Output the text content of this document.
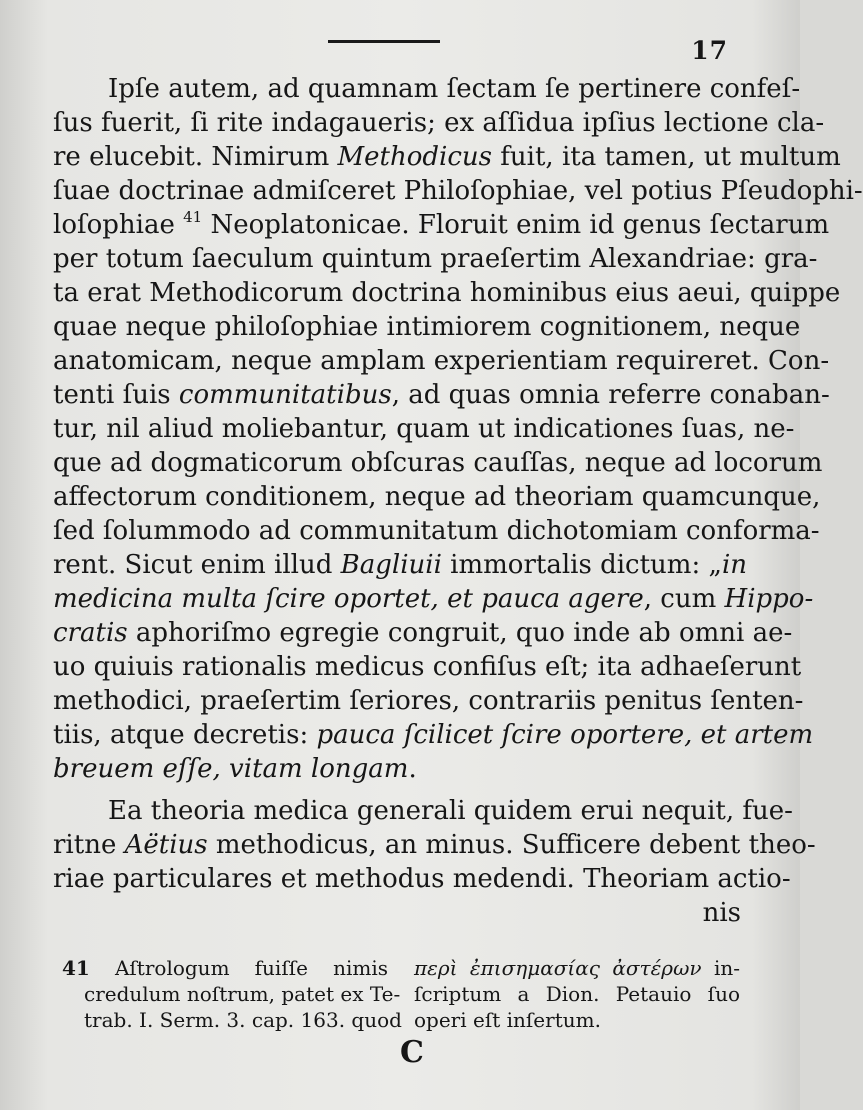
17
Ipſe autem, ad quamnam ſectam ſe pertinere confeſ-
ſus fuerit, ſi rite indagaueris; ex aſſidua ipſius lectione cla-
re elucebit. Nimirum Methodicus fuit, ita tamen, ut multum
ſuae doctrinae admiſceret Philoſophiae, vel potius Pſeudophi-
loſophiae $^{41}$ Neoplatonicae. Floruit enim id genus ſectarum
per totum ſaeculum quintum praeſertim Alexandriae: gra-
ta erat Methodicorum doctrina hominibus eius aeui, quippe
quae neque philoſophiae intimiorem cognitionem, neque
anatomicam, neque amplam experientiam requireret. Con-
tenti ſuis communitatibus, ad quas omnia referre conaban-
tur, nil aliud moliebantur, quam ut indicationes ſuas, ne-
que ad dogmaticorum obſcuras cauſſas, neque ad locorum
affectorum conditionem, neque ad theoriam quamcunque,
ſed ſolummodo ad communitatum dichotomiam conforma-
rent. Sicut enim illud Bagliuii immortalis dictum: „in
medicina multa ſcire oportet, et pauca agere, cum Hippo-
cratis aphoriſmo egregie congruit, quo inde ab omni ae-
uo quiuis rationalis medicus confiſus eſt; ita adhaeſerunt
methodici, praeſertim ſeriores, contrariis penitus ſenten-
tiis, atque decretis: pauca ſcilicet ſcire oportere, et artem
breuem eſſe, vitam longam.
Ea theoria medica generali quidem erui nequit, fue-
ritne Aëtius methodicus, an minus. Sufficere debent theo-
riae particulares et methodus medendi. Theoriam actio-
nis
41 Aſtrologum fuiſſe nimis
credulum noſtrum, patet ex Te-
trab. I. Serm. 3. cap. 163. quod
περὶ ἐπισημασίας ἀστέρων in-
ſcriptum a Dion. Petauio ſuo
operi eſt inſertum.
C
